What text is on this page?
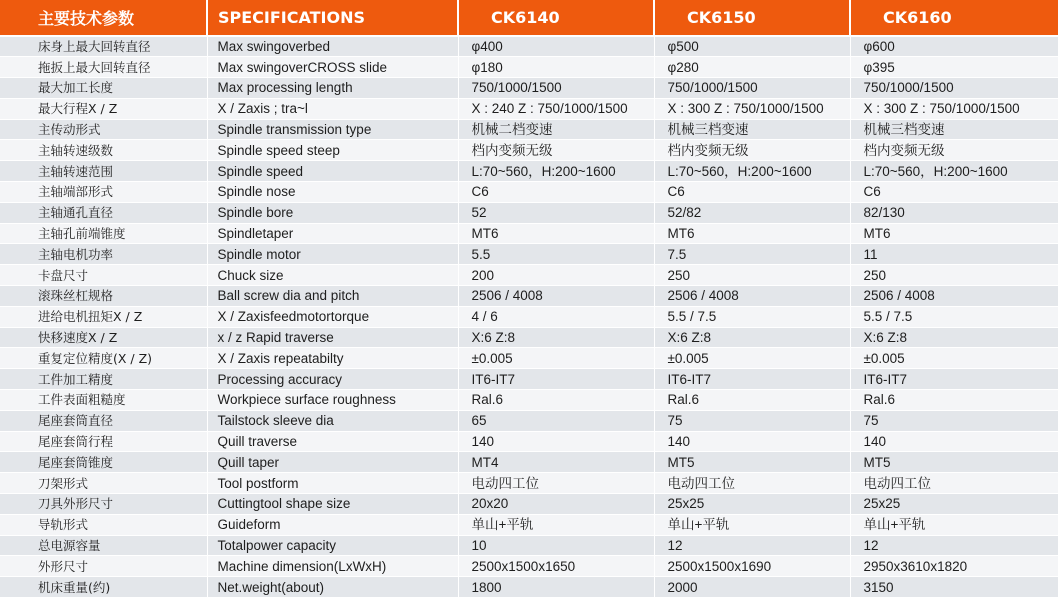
主要技术参数	SPECIFICATIONS	CK6140	CK6150	CK6160
床身上最大回转直径	Max swingoverbed	φ400	φ500	φ600
拖扳上最大回转直径	Max swingoverCROSS slide	φ180	φ280	φ395
最大加工长度	Max processing length	750/1000/1500	750/1000/1500	750/1000/1500
最大行程X / Z	X / Zaxis ; tra~l	X : 240 Z : 750/1000/1500	X : 300 Z : 750/1000/1500	X : 300 Z : 750/1000/1500
主传动形式	Spindle transmission type	机械二档变速	机械三档变速	机械三档变速
主轴转速级数	Spindle speed steep	档内变频无级	档内变频无级	档内变频无级
主轴转速范围	Spindle speed	L:70~560，H:200~1600	L:70~560，H:200~1600	L:70~560，H:200~1600
主轴端部形式	Spindle nose	C6	C6	C6
主轴通孔直径	Spindle bore	52	52/82	82/130
主轴孔前端锥度	Spindletaper	MT6	MT6	MT6
主轴电机功率	Spindle motor	5.5	7.5	11
卡盘尺寸	Chuck size	200	250	250
滚珠丝杠规格	Ball screw dia and pitch	2506 / 4008	2506 / 4008	2506 / 4008
进给电机扭矩X / Z	X / Zaxisfeedmotortorque	4 / 6	5.5 / 7.5	5.5 / 7.5
快移速度X / Z	x / z Rapid traverse	X:6 Z:8	X:6 Z:8	X:6 Z:8
重复定位精度(X / Z)	X / Zaxis repeatabilty	±0.005	±0.005	±0.005
工件加工精度	Processing accuracy	IT6-IT7	IT6-IT7	IT6-IT7
工件表面粗糙度	Workpiece surface roughness	Ral.6	Ral.6	Ral.6
尾座套筒直径	Tailstock sleeve dia	65	75	75
尾座套筒行程	Quill traverse	140	140	140
尾座套筒锥度	Quill taper	MT4	MT5	MT5
刀架形式	Tool postform	电动四工位	电动四工位	电动四工位
刀具外形尺寸	Cuttingtool shape size	20x20	25x25	25x25
导轨形式	Guideform	单山+平轨	单山+平轨	单山+平轨
总电源容量	Totalpower capacity	10	12	12
外形尺寸	Machine dimension(LxWxH)	2500x1500x1650	2500x1500x1690	2950x3610x1820
机床重量(约)	Net.weight(about)	1800	2000	3150
